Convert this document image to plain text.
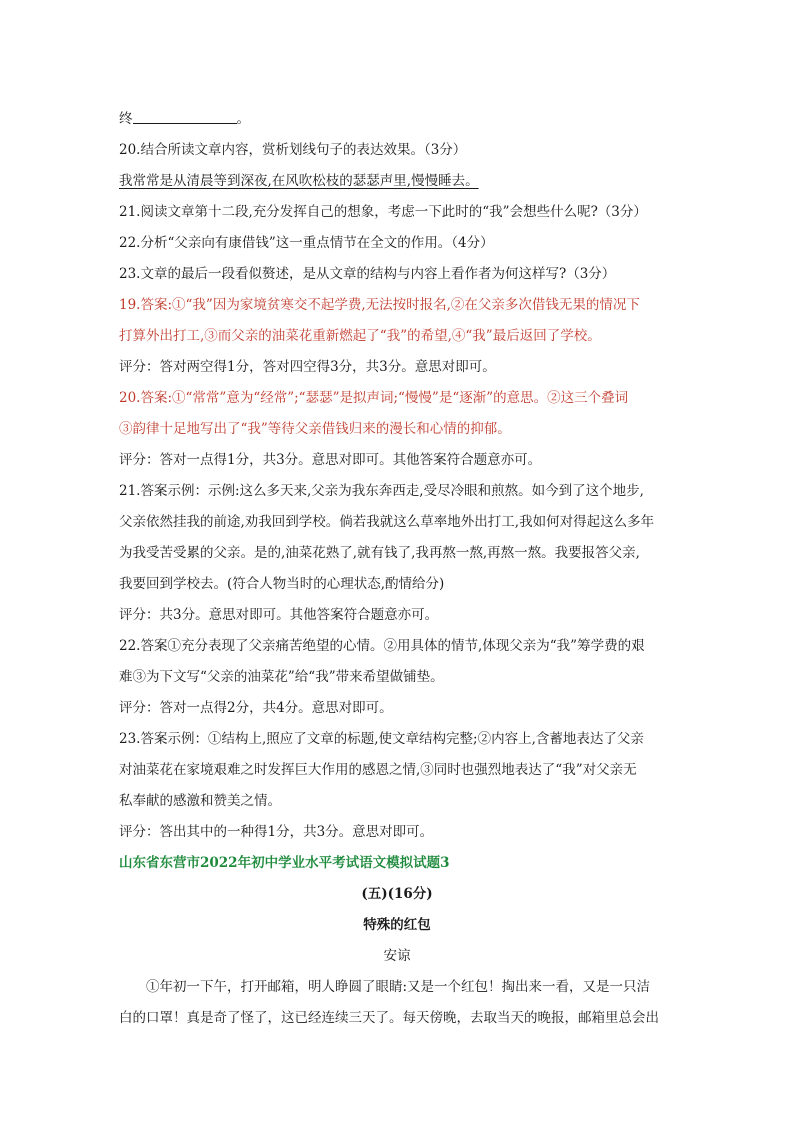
终	。
20.结合所读文章内容，赏析划线句子的表达效果。（3分）
我常常是从清晨等到深夜,在风吹松枝的瑟瑟声里,慢慢睡去。
21.阅读文章第十二段,充分发挥自己的想象，考虑一下此时的“我”会想些什么呢?（3分）
22.分析“父亲向有康借钱”这一重点情节在全文的作用。（4分）
23.文章的最后一段看似赘述，是从文章的结构与内容上看作者为何这样写?（3分）
19.答案:①“我”因为家境贫寒交不起学费,无法按时报名,②在父亲多次借钱无果的情况下
打算外出打工,③而父亲的油菜花重新燃起了“我”的希望,④“我”最后返回了学校。
评分：答对两空得1分，答对四空得3分，共3分。意思对即可。
20.答案:①“常常”意为“经常”;“瑟瑟”是拟声词;“慢慢”是“逐渐”的意思。②这三个叠词
③韵律十足地写出了“我”等待父亲借钱归来的漫长和心情的抑郁。
评分：答对一点得1分，共3分。意思对即可。其他答案符合题意亦可。
21.答案示例：示例:这么多天来,父亲为我东奔西走,受尽冷眼和煎熬。如今到了这个地步,
父亲依然挂我的前途,劝我回到学校。倘若我就这么草率地外出打工,我如何对得起这么多年
为我受苦受累的父亲。是的,油菜花熟了,就有钱了,我再熬一熬,再熬一熬。我要报答父亲,
我要回到学校去。(符合人物当时的心理状态,酌情给分)
评分：共3分。意思对即可。其他答案符合题意亦可。
22.答案①充分表现了父亲痛苦绝望的心情。②用具体的情节,体现父亲为“我”筹学费的艰
难③为下文写“父亲的油菜花”给“我”带来希望做铺垫。
评分：答对一点得2分，共4分。意思对即可。
23.答案示例：①结构上,照应了文章的标题,使文章结构完整;②内容上,含蓄地表达了父亲
对油菜花在家境艰难之时发挥巨大作用的感恩之情,③同时也强烈地表达了“我”对父亲无
私奉献的感激和赞美之情。
评分：答出其中的一种得1分，共3分。意思对即可。
山东省东营市2022年初中学业水平考试语文模拟试题3
(五)(16分)
特殊的红包
安谅
①年初一下午，打开邮箱，明人睁圆了眼睛:又是一个红包！掏出来一看，又是一只洁
白的口罩！真是奇了怪了，这已经连续三天了。每天傍晚，去取当天的晚报，邮箱里总会出
